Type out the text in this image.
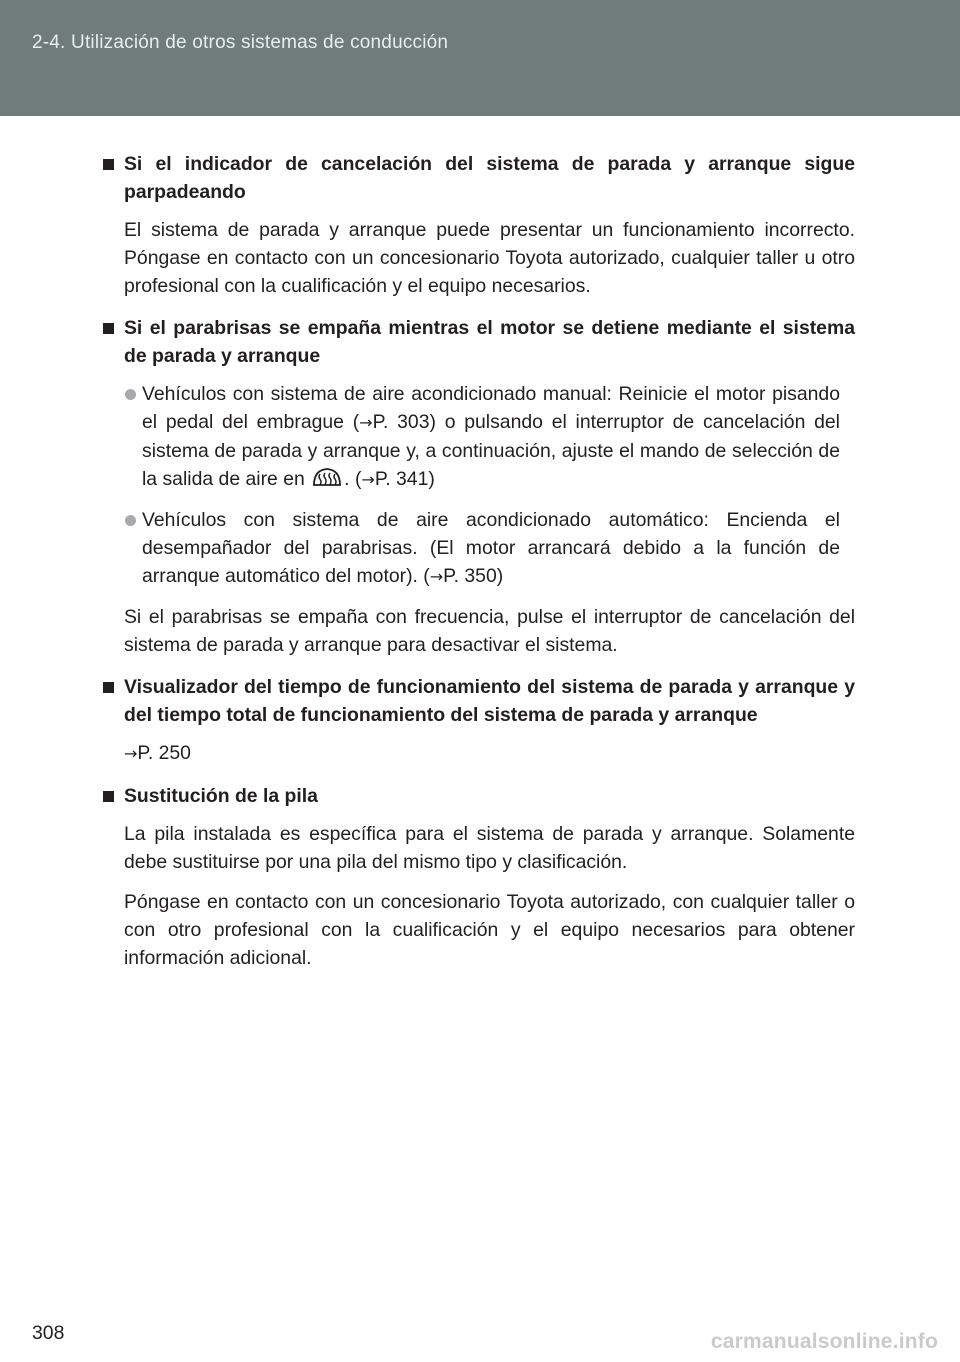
2-4. Utilización de otros sistemas de conducción
Si el indicador de cancelación del sistema de parada y arranque sigue parpadeando

El sistema de parada y arranque puede presentar un funcionamiento incorrecto. Póngase en contacto con un concesionario Toyota autorizado, cualquier taller u otro profesional con la cualificación y el equipo necesarios.

Si el parabrisas se empaña mientras el motor se detiene mediante el sistema de parada y arranque
Vehículos con sistema de aire acondicionado manual: Reinicie el motor pisando el pedal del embrague (→P. 303) o pulsando el interruptor de cancelación del sistema de parada y arranque y, a continuación, ajuste el mando de selección de la salida de aire en . (→P. 341)
Vehículos con sistema de aire acondicionado automático: Encienda el desempañador del parabrisas. (El motor arrancará debido a la función de arranque automático del motor). (→P. 350)

Si el parabrisas se empaña con frecuencia, pulse el interruptor de cancelación del sistema de parada y arranque para desactivar el sistema.

Visualizador del tiempo de funcionamiento del sistema de parada y arranque y del tiempo total de funcionamiento del sistema de parada y arranque

→P. 250

Sustitución de la pila

La pila instalada es específica para el sistema de parada y arranque. Solamente debe sustituirse por una pila del mismo tipo y clasificación.

Póngase en contacto con un concesionario Toyota autorizado, con cualquier taller o con otro profesional con la cualificación y el equipo necesarios para obtener información adicional.

308	carmanualsonline.info
